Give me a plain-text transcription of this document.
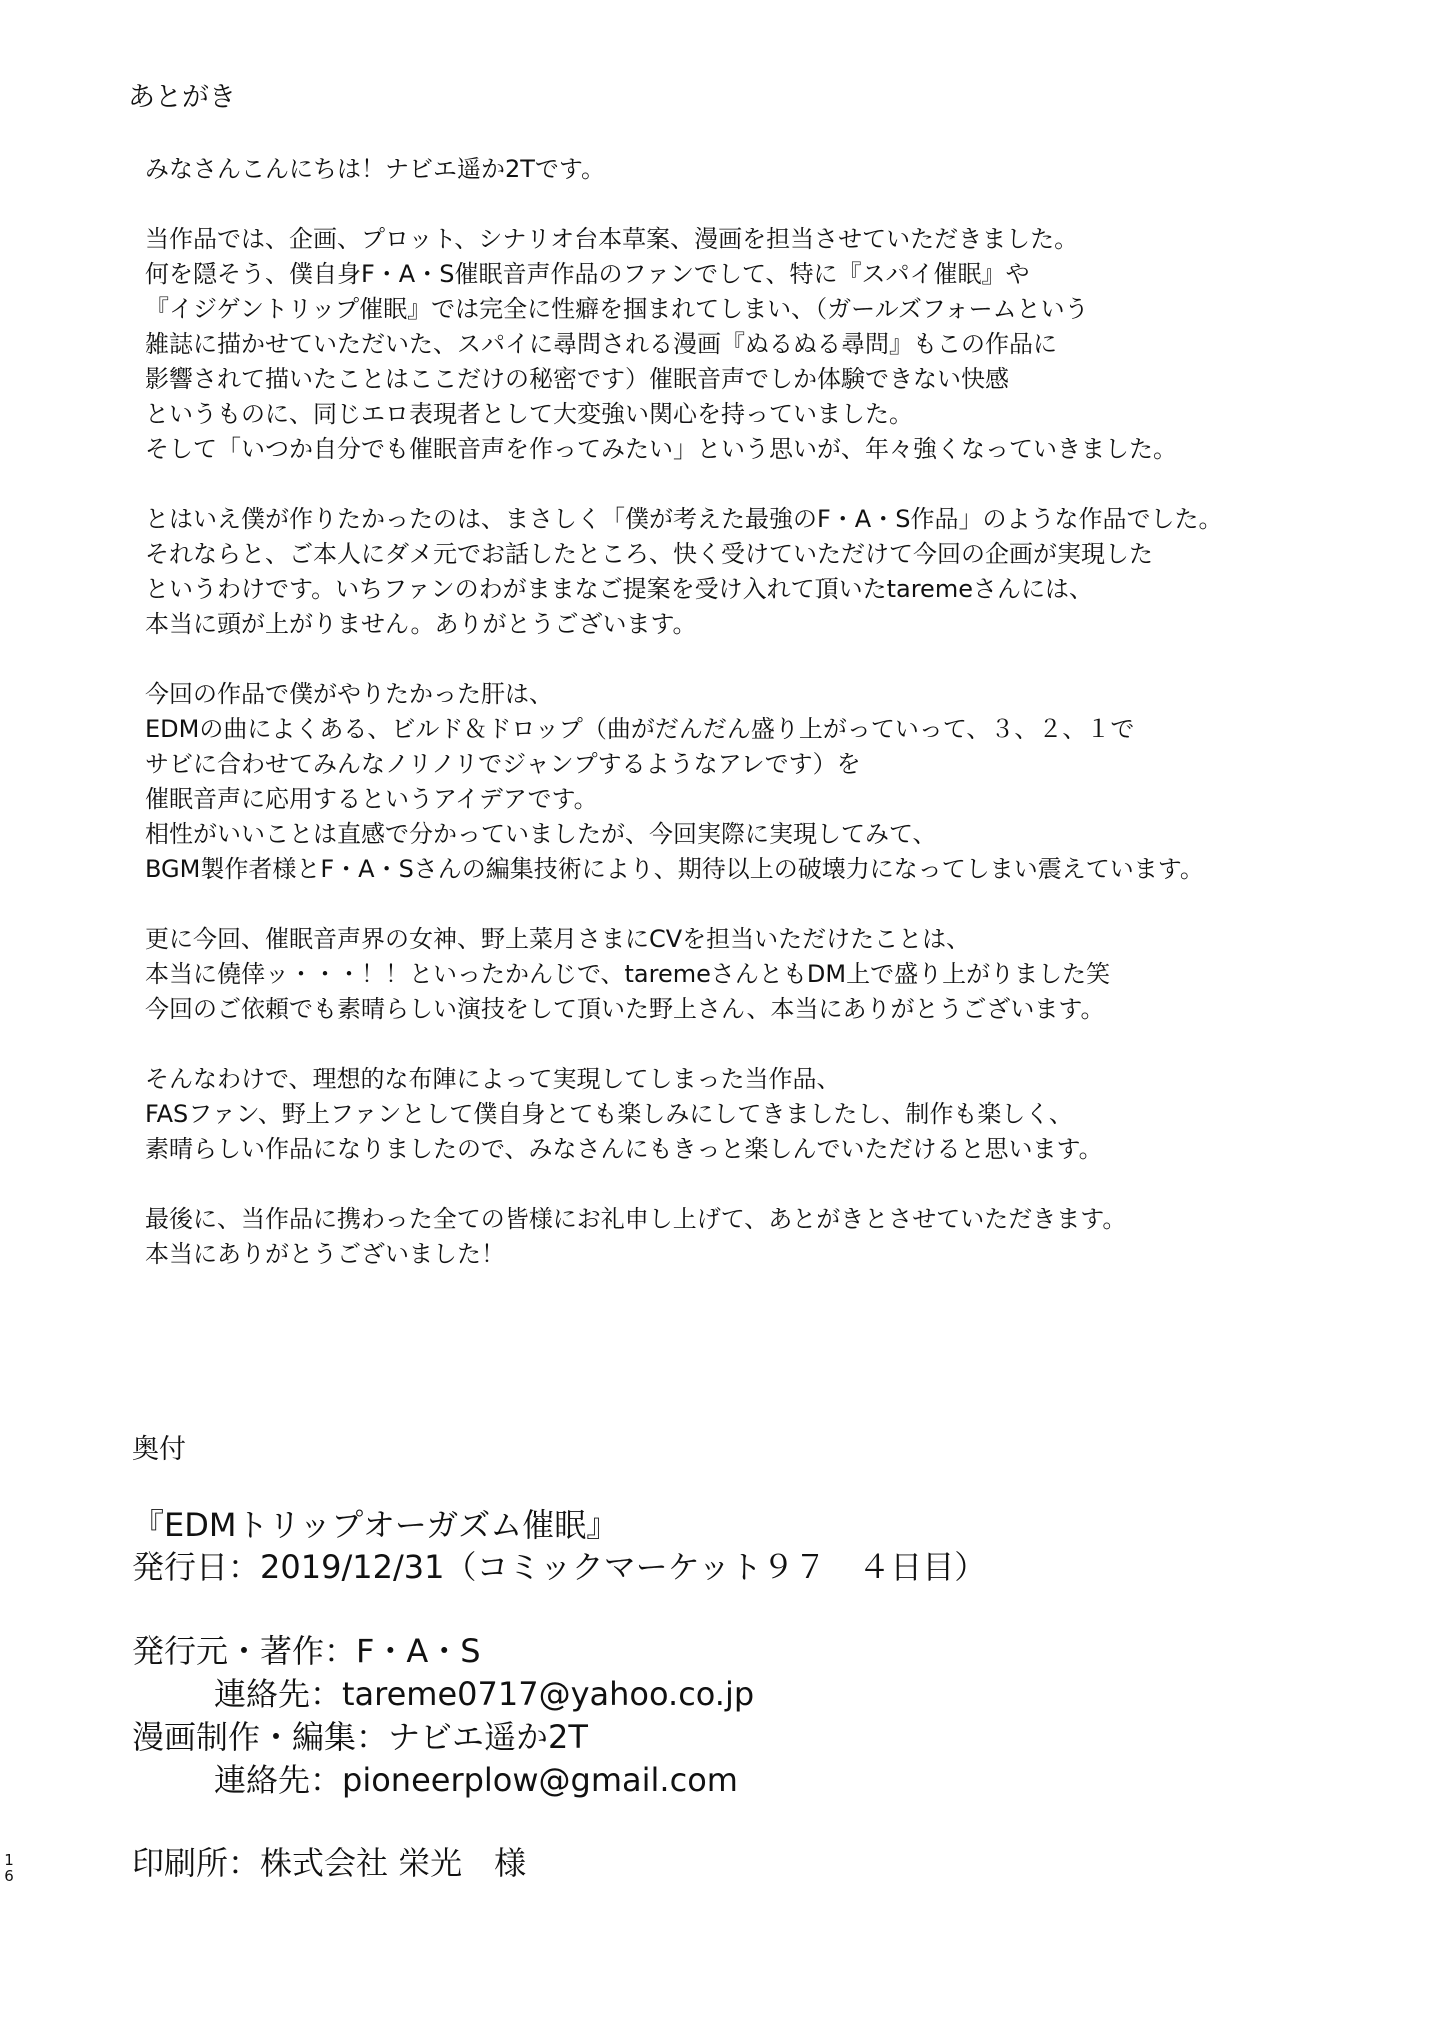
あとがき

みなさんこんにちは！ナビエ遥か2Tです。

当作品では、企画、プロット、シナリオ台本草案、漫画を担当させていただきました。
何を隠そう、僕自身F・A・S催眠音声作品のファンでして、特に『スパイ催眠』や
『イジゲントリップ催眠』では完全に性癖を掴まれてしまい、（ガールズフォームという
雑誌に描かせていただいた、スパイに尋問される漫画『ぬるぬる尋問』もこの作品に
影響されて描いたことはここだけの秘密です）催眠音声でしか体験できない快感
というものに、同じエロ表現者として大変強い関心を持っていました。
そして「いつか自分でも催眠音声を作ってみたい」という思いが、年々強くなっていきました。

とはいえ僕が作りたかったのは、まさしく「僕が考えた最強のF・A・S作品」のような作品でした。
それならと、ご本人にダメ元でお話したところ、快く受けていただけて今回の企画が実現した
というわけです。いちファンのわがままなご提案を受け入れて頂いたtaremeさんには、
本当に頭が上がりません。ありがとうございます。

今回の作品で僕がやりたかった肝は、
EDMの曲によくある、ビルド＆ドロップ（曲がだんだん盛り上がっていって、３、２、１で
サビに合わせてみんなノリノリでジャンプするようなアレです）を
催眠音声に応用するというアイデアです。
相性がいいことは直感で分かっていましたが、今回実際に実現してみて、
BGM製作者様とF・A・Sさんの編集技術により、期待以上の破壊力になってしまい震えています。

更に今回、催眠音声界の女神、野上菜月さまにCVを担当いただけたことは、
本当に僥倖ッ・・・！！といったかんじで、taremeさんともDM上で盛り上がりました笑
今回のご依頼でも素晴らしい演技をして頂いた野上さん、本当にありがとうございます。

そんなわけで、理想的な布陣によって実現してしまった当作品、
FASファン、野上ファンとして僕自身とても楽しみにしてきましたし、制作も楽しく、
素晴らしい作品になりましたので、みなさんにもきっと楽しんでいただけると思います。

最後に、当作品に携わった全ての皆様にお礼申し上げて、あとがきとさせていただきます。
本当にありがとうございました！

奥付
『EDMトリップオーガズム催眠』
発行日：2019/12/31（コミックマーケット９７　４日目）
発行元・著作：F・A・S
連絡先：tareme0717@yahoo.co.jp
漫画制作・編集：ナビエ遥か2T
連絡先：pioneerplow@gmail.com
印刷所：株式会社 栄光　様
1
6
